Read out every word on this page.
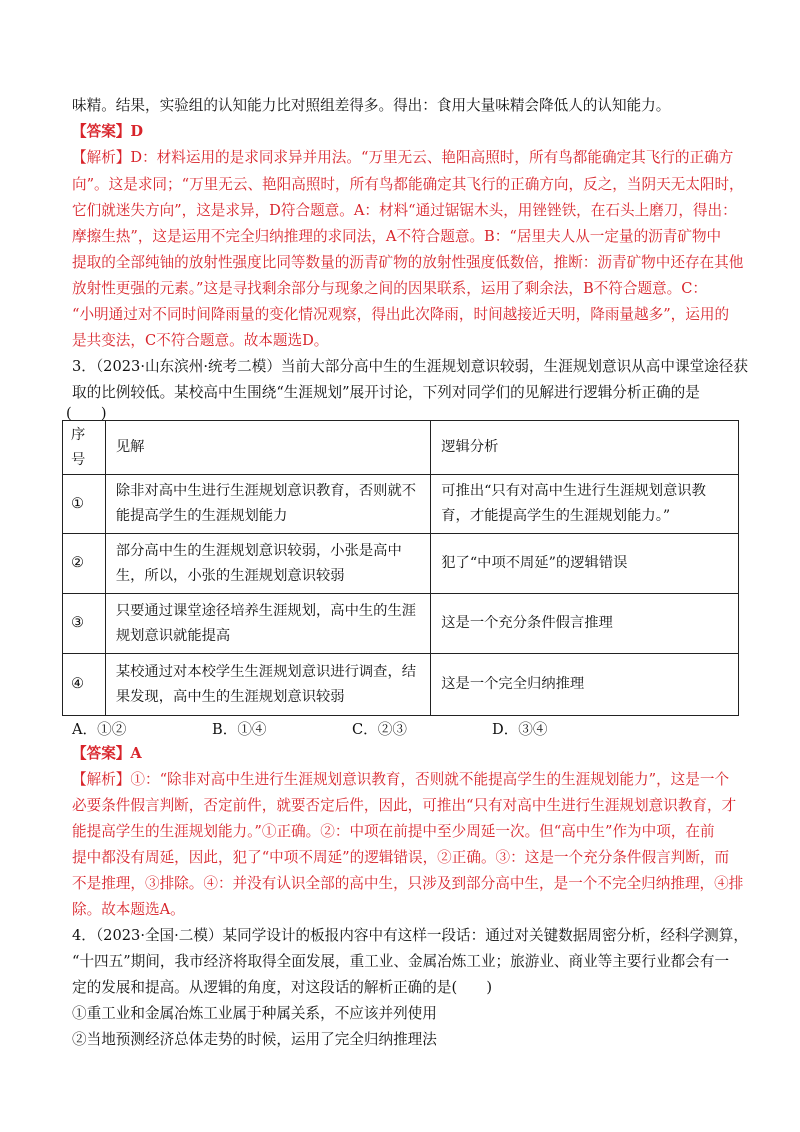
味精。结果，实验组的认知能力比对照组差得多。得出：食用大量味精会降低人的认知能力。
【答案】D
【解析】D：材料运用的是求同求异并用法。“万里无云、艳阳高照时，所有鸟都能确定其飞行的正确方
向”。这是求同；“万里无云、艳阳高照时，所有鸟都能确定其飞行的正确方向，反之，当阴天无太阳时，
它们就迷失方向”，这是求异，D符合题意。A：材料“通过锯锯木头，用锉锉铁，在石头上磨刀，得出：
摩擦生热”，这是运用不完全归纳推理的求同法，A不符合题意。B：“居里夫人从一定量的沥青矿物中
提取的全部纯铀的放射性强度比同等数量的沥青矿物的放射性强度低数倍，推断：沥青矿物中还存在其他
放射性更强的元素。”这是寻找剩余部分与现象之间的因果联系，运用了剩余法，B不符合题意。C：
“小明通过对不同时间降雨量的变化情况观察，得出此次降雨，时间越接近天明，降雨量越多”，运用的
是共变法，C不符合题意。故本题选D。
3．（2023·山东滨州·统考二模）当前大部分高中生的生涯规划意识较弱，生涯规划意识从高中课堂途径获
取的比例较低。某校高中生围绕“生涯规划”展开讨论，下列对同学们的见解进行逻辑分析正确的是
(　　)
序号	见解	逻辑分析
①	除非对高中生进行生涯规划意识教育，否则就不能提高学生的生涯规划能力	可推出“只有对高中生进行生涯规划意识教育，才能提高学生的生涯规划能力。”
②	部分高中生的生涯规划意识较弱，小张是高中生，所以，小张的生涯规划意识较弱	犯了“中项不周延”的逻辑错误
③	只要通过课堂途径培养生涯规划，高中生的生涯规划意识就能提高	这是一个充分条件假言推理
④	某校通过对本校学生生涯规划意识进行调查，结果发现，高中生的生涯规划意识较弱	这是一个完全归纳推理
A．①②	B．①④	C．②③	D．③④
【答案】A
【解析】①：“除非对高中生进行生涯规划意识教育，否则就不能提高学生的生涯规划能力”，这是一个
必要条件假言判断，否定前件，就要否定后件，因此，可推出“只有对高中生进行生涯规划意识教育，才
能提高学生的生涯规划能力。”①正确。②：中项在前提中至少周延一次。但“高中生”作为中项，在前
提中都没有周延，因此，犯了“中项不周延”的逻辑错误，②正确。③：这是一个充分条件假言判断，而
不是推理，③排除。④：并没有认识全部的高中生，只涉及到部分高中生，是一个不完全归纳推理，④排
除。故本题选A。
4．（2023·全国·二模）某同学设计的板报内容中有这样一段话：通过对关键数据周密分析，经科学测算，
“十四五”期间，我市经济将取得全面发展，重工业、金属冶炼工业；旅游业、商业等主要行业都会有一
定的发展和提高。从逻辑的角度，对这段话的解析正确的是(　　)
①重工业和金属冶炼工业属于种属关系，不应该并列使用
②当地预测经济总体走势的时候，运用了完全归纳推理法
